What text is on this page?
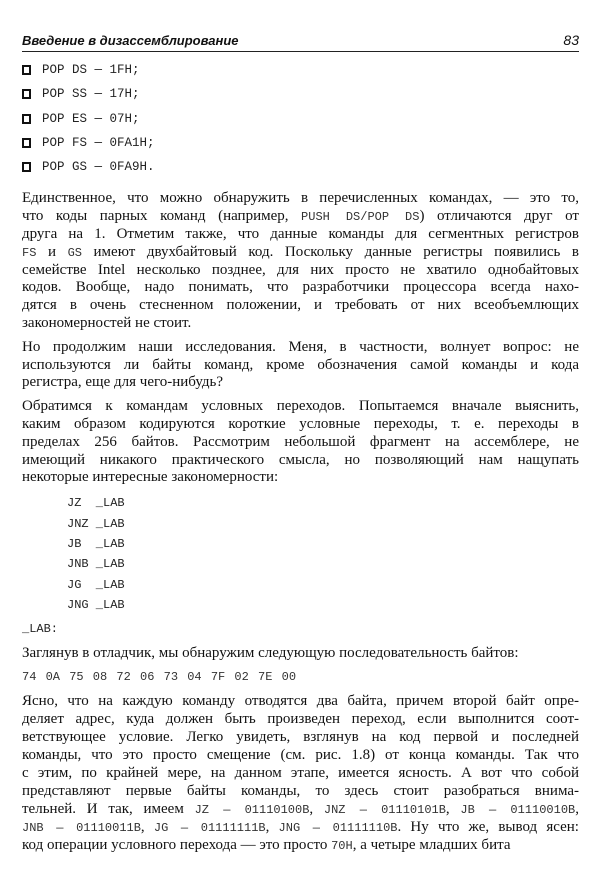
Введение в дизассемблирование	83
POP DS — 1FH;
POP SS — 17H;
POP ES — 07H;
POP FS — 0FA1H;
POP GS — 0FA9H.
Единственное, что можно обнаружить в перечисленных командах, — это то,
что коды парных команд (например, PUSH DS/POP DS) отличаются друг от
друга на 1. Отметим также, что данные команды для сегментных регистров
FS и GS имеют двухбайтовый код. Поскольку данные регистры появились в
семействе Intel несколько позднее, для них просто не хватило однобайтовых
кодов. Вообще, надо понимать, что разработчики процессора всегда нахо-
дятся в очень стесненном положении, и требовать от них всеобъемлющих
закономерностей не стоит.
Но продолжим наши исследования. Меня, в частности, волнует вопрос: не
используются ли байты команд, кроме обозначения самой команды и кода
регистра, еще для чего-нибудь?
Обратимся к командам условных переходов. Попытаемся вначале выяснить,
каким образом кодируются короткие условные переходы, т. е. переходы в
пределах 256 байтов. Рассмотрим небольшой фрагмент на ассемблере, не
имеющий никакого практического смысла, но позволяющий нам нащупать
некоторые интересные закономерности:
JZ  _LAB
JNZ _LAB
JB  _LAB
JNB _LAB
JG  _LAB
JNG _LAB
_LAB:
Заглянув в отладчик, мы обнаружим следующую последовательность байтов:
74 0A 75 08 72 06 73 04 7F 02 7E 00
Ясно, что на каждую команду отводятся два байта, причем второй байт опре-
деляет адрес, куда должен быть произведен переход, если выполнится соот-
ветствующее условие. Легко увидеть, взглянув на код первой и последней
команды, что это просто смещение (см. рис. 1.8) от конца команды. Так что
с этим, по крайней мере, на данном этапе, имеется ясность. А вот что собой
представляют первые байты команды, то здесь стоит разобраться внима-
тельней. И так, имеем JZ — 01110100B, JNZ — 01110101B, JB — 01110010B,
JNB — 01110011B, JG — 01111111B, JNG — 01111110B. Ну что же, вывод ясен:
код операции условного перехода — это просто 70H, а четыре младших бита
